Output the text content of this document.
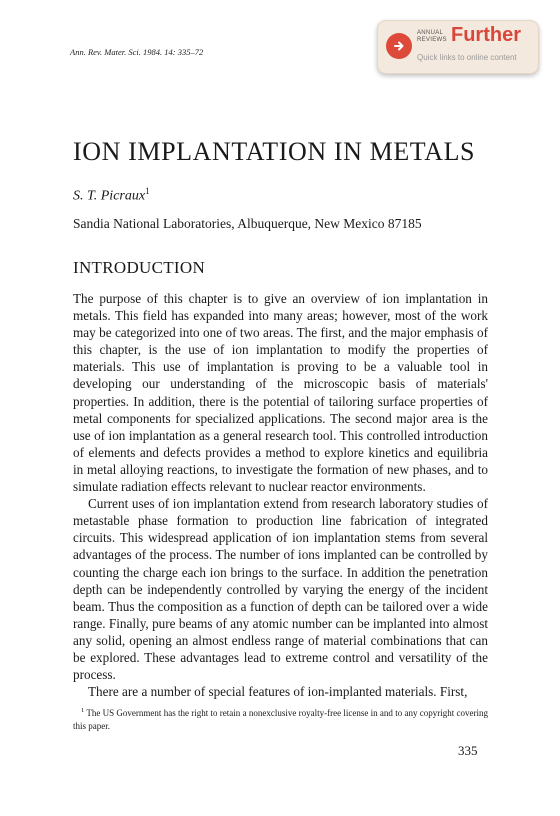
Ann. Rev. Mater. Sci. 1984. 14: 335–72
ANNUAL
REVIEWS Further
Quick links to online content
ION IMPLANTATION IN METALS
S. T. Picraux$^1$
Sandia National Laboratories, Albuquerque, New Mexico 87185
INTRODUCTION

The purpose of this chapter is to give an overview of ion implantation in metals. This field has expanded into many areas; however, most of the work may be categorized into one of two areas. The first, and the major emphasis of this chapter, is the use of ion implantation to modify the properties of materials. This use of implantation is proving to be a valuable tool in developing our understanding of the microscopic basis of materials' properties. In addition, there is the potential of tailoring surface properties of metal components for specialized applications. The second major area is the use of ion implantation as a general research tool. This controlled introduction of elements and defects provides a method to explore kinetics and equilibria in metal alloying reactions, to investigate the formation of new phases, and to simulate radiation effects relevant to nuclear reactor environments.

Current uses of ion implantation extend from research laboratory studies of metastable phase formation to production line fabrication of integrated circuits. This widespread application of ion implantation stems from several advantages of the process. The number of ions implanted can be controlled by counting the charge each ion brings to the surface. In addition the penetration depth can be independently controlled by varying the energy of the incident beam. Thus the composition as a function of depth can be tailored over a wide range. Finally, pure beams of any atomic number can be implanted into almost any solid, opening an almost endless range of material combinations that can be explored. These advantages lead to extreme control and versatility of the process.

There are a number of special features of ion-implanted materials. First,

$^1$ The US Government has the right to retain a nonexclusive royalty-free license in and to any copyright covering this paper.

335
